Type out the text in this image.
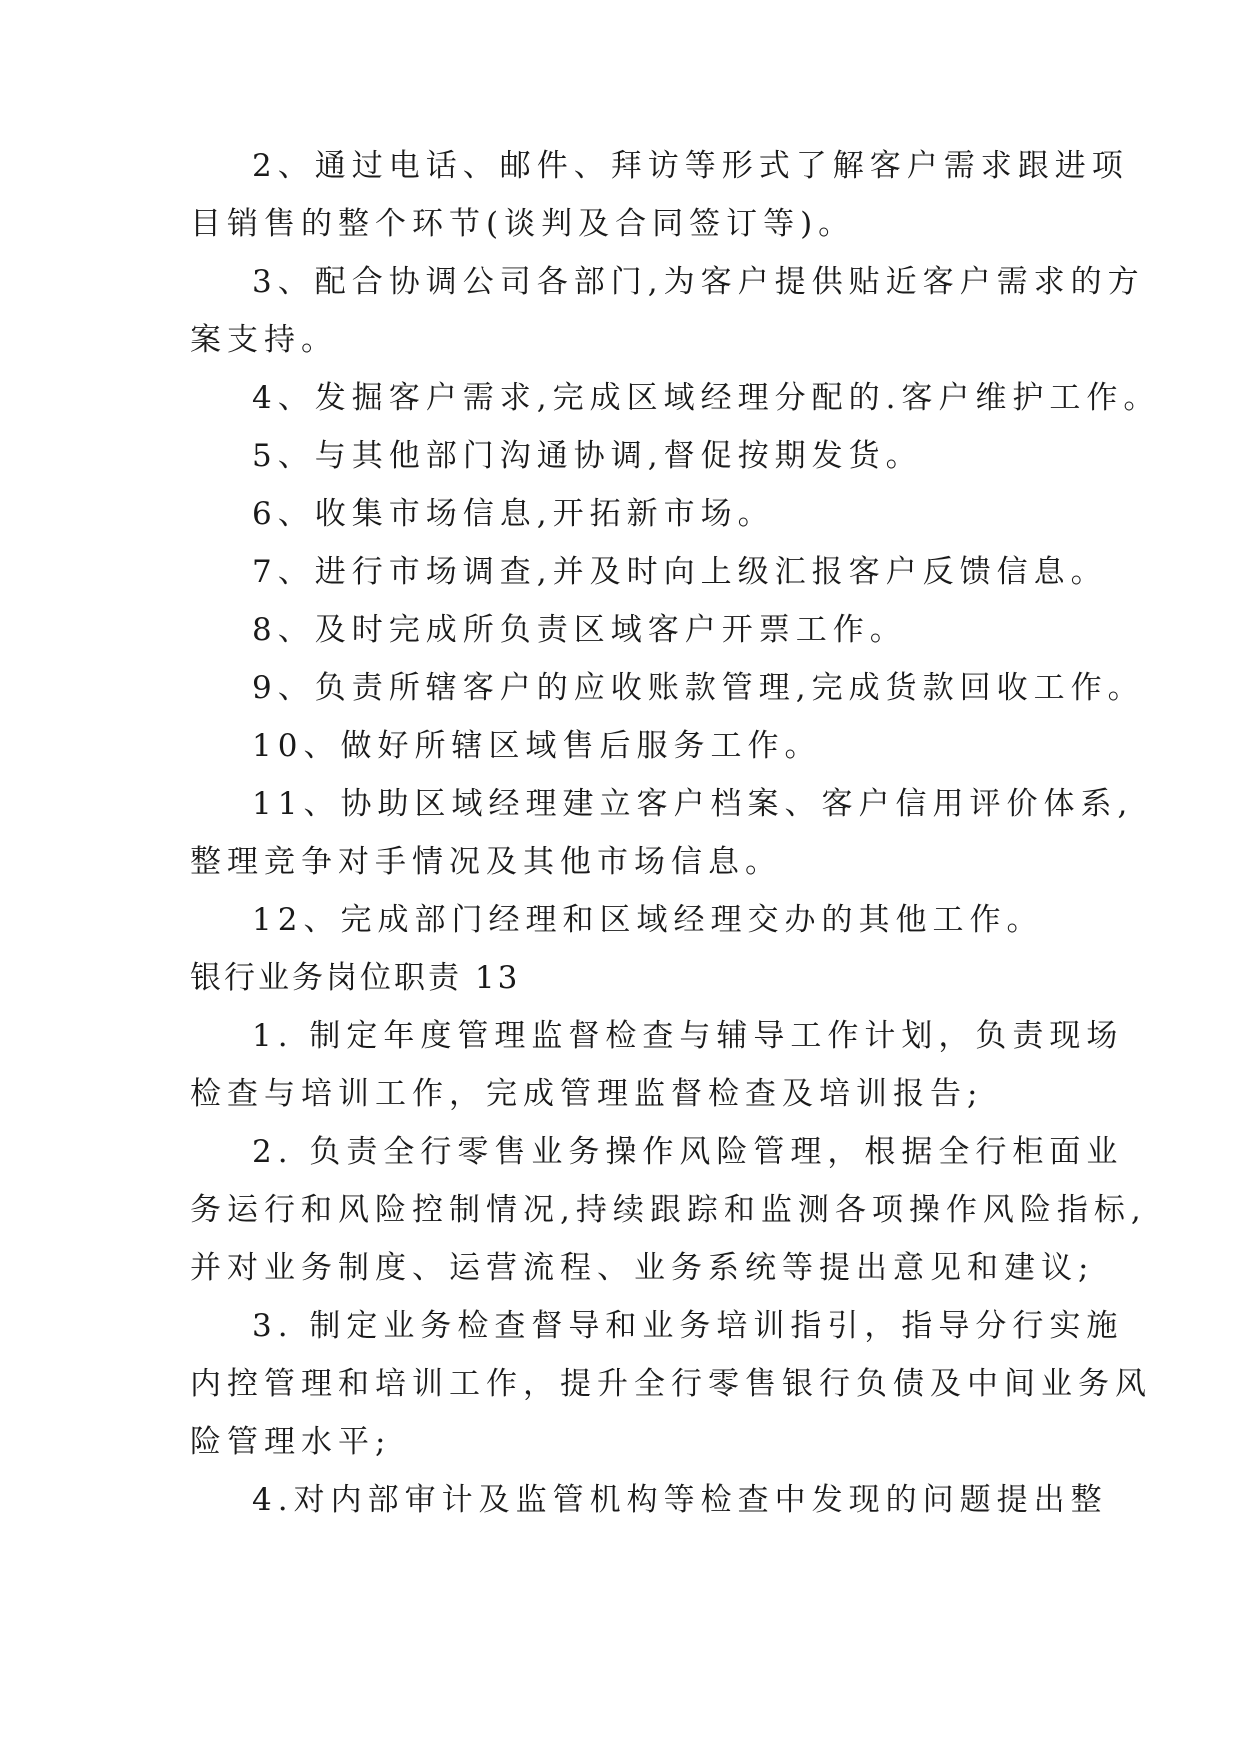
2、通过电话、邮件、拜访等形式了解客户需求跟进项
目销售的整个环节(谈判及合同签订等)。
3、配合协调公司各部门,为客户提供贴近客户需求的方
案支持。
4、发掘客户需求,完成区域经理分配的.客户维护工作。
5、与其他部门沟通协调,督促按期发货。
6、收集市场信息,开拓新市场。
7、进行市场调查,并及时向上级汇报客户反馈信息。
8、及时完成所负责区域客户开票工作。
9、负责所辖客户的应收账款管理,完成货款回收工作。
10、做好所辖区域售后服务工作。
11、协助区域经理建立客户档案、客户信用评价体系,
整理竞争对手情况及其他市场信息。
12、完成部门经理和区域经理交办的其他工作。
银行业务岗位职责 13
1. 制定年度管理监督检查与辅导工作计划，负责现场
检查与培训工作，完成管理监督检查及培训报告;
2. 负责全行零售业务操作风险管理，根据全行柜面业
务运行和风险控制情况,持续跟踪和监测各项操作风险指标,
并对业务制度、运营流程、业务系统等提出意见和建议;
3. 制定业务检查督导和业务培训指引，指导分行实施
内控管理和培训工作，提升全行零售银行负债及中间业务风
险管理水平;
4.对内部审计及监管机构等检查中发现的问题提出整
